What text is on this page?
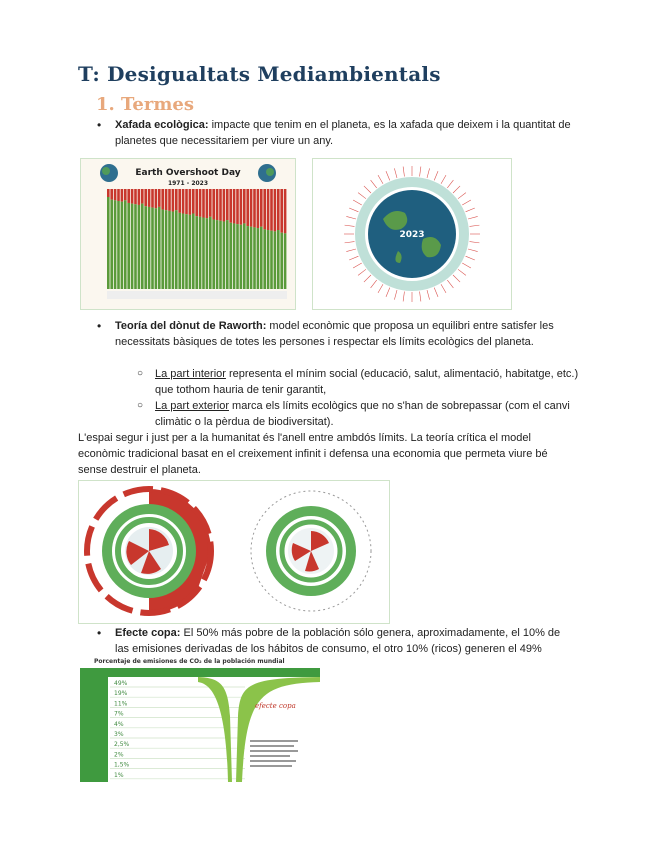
T: Desigualtats Mediambientals
1. Termes
• Xafada ecològica: impacte que tenim en el planeta, es la xafada que deixem i la quantitat de planetes que necessitariem per viure un any.
Earth Overshoot Day
1971 - 2023
2023
• Teoría del dònut de Raworth: model econòmic que proposa un equilibri entre satisfer les necessitats bàsiques de totes les persones i respectar els límits ecològics del planeta.
○ La part interior representa el mínim social (educació, salut, alimentació, habitatge, etc.) que tothom hauria de tenir garantit,
○ La part exterior marca els límits ecològics que no s'han de sobrepassar (com el canvi climàtic o la pèrdua de biodiversitat).
L'espai segur i just per a la humanitat és l'anell entre ambdós límits. La teoría crítica el model econòmic tradicional basat en el creixement infinit i defensa una economia que permeta viure bé sense destruir el planeta.
• Efecte copa: El 50% más pobre de la población sólo genera, aproximadamente, el 10% de las emisiones derivadas de los hábitos de consumo, el otro 10% (ricos) generen el 49%
Porcentaje de emisiones de CO₂ de la población mundial
49%
19%
11%
7%
4%
3%
2,5%
2%
1,5%
1%
efecte copa
